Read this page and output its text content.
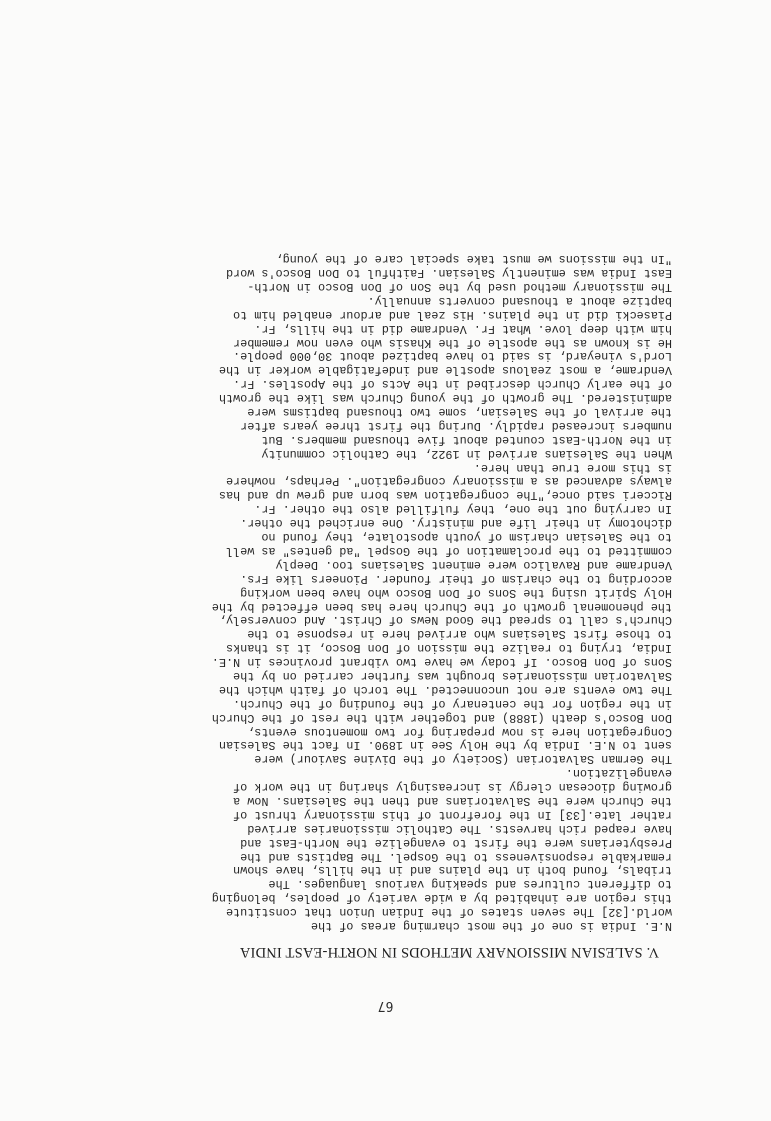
V. SALESIAN MISSIONARY METHODS IN NORTH-EAST INDIA
N.E. India is one of the most charming areas of the
world.[32] The seven states of the Indian Union that constitute
this region are inhabited by a wide variety of peoples, belonging
to different cultures and speaking various languages. The
tribals, found both in the plains and in the hills, have shown
remarkable responsiveness to the Gospel. The Baptists and the
Presbyterians were the first to evangelize the North-East and
have reaped rich harvests. The Catholic missionaries arrived
rather late.[33] In the forefront of this missionary thrust of
the Church were the Salvatorians and then the Salesians. Now a
growing diocesan clergy is increasingly sharing in the work of
evangelization.
The German Salvatorian (Society of the Divine Saviour) were
sent to N.E. India by the Holy See in 1890. In fact the Salesian
Congregation here is now preparing for two momentous events,
Don Bosco's death (1888) and together with the rest of the Church
in the region for the centenary of the founding of the Church.
The two events are not unconnected. The torch of faith which the
Salvatorian missionaries brought was further carried on by the
Sons of Don Bosco. If today we have two vibrant provinces in N.E.
India, trying to realize the mission of Don Bosco, it is thanks
to those first Salesians who arrived here in response to the
Church's call to spread the Good News of Christ. And conversely,
the phenomenal growth of the Church here has been effected by the
Holy Spirit using the Sons of Don Bosco who have been working
according to the charism of their founder. Pioneers like Frs.
Vendrame and Ravalico were eminent Salesians too. Deeply
committed to the proclamation of the Gospel "ad gentes" as well
to the Salesian charism of youth apostolate, they found no
dichotomy in their life and ministry. One enriched the other.
In carrying out the one, they fulfilled also the other. Fr.
Ricceri said once,"The congregation was born and grew up and has
always advanced as a missionary congregation". Perhaps, nowhere
is this more true than here.
When the Salesians arrived in 1922, the Catholic community
in the North-East counted about five thousand members. But
numbers increased rapidly. During the first three years after
the arrival of the Salesian, some two thousand baptisms were
administered. The growth of the young Church was like the growth
of the early Church described in the Acts of the Apostles. Fr.
Vendrame, a most zealous apostle and indefatigable worker in the
Lord's vineyard, is said to have baptized about 30,000 people.
He is known as the apostle of the Khasis who even now remember
him with deep love. What Fr. Vendrame did in the hills, Fr.
Piasecki did in the plains. His zeal and ardour enabled him to
baptize about a thousand converts annually.
The missionary method used by the Son of Don Bosco in North-
East India was eminently Salesian. Faithful to Don Bosco's word
"In the missions we must take special care of the young,
67
